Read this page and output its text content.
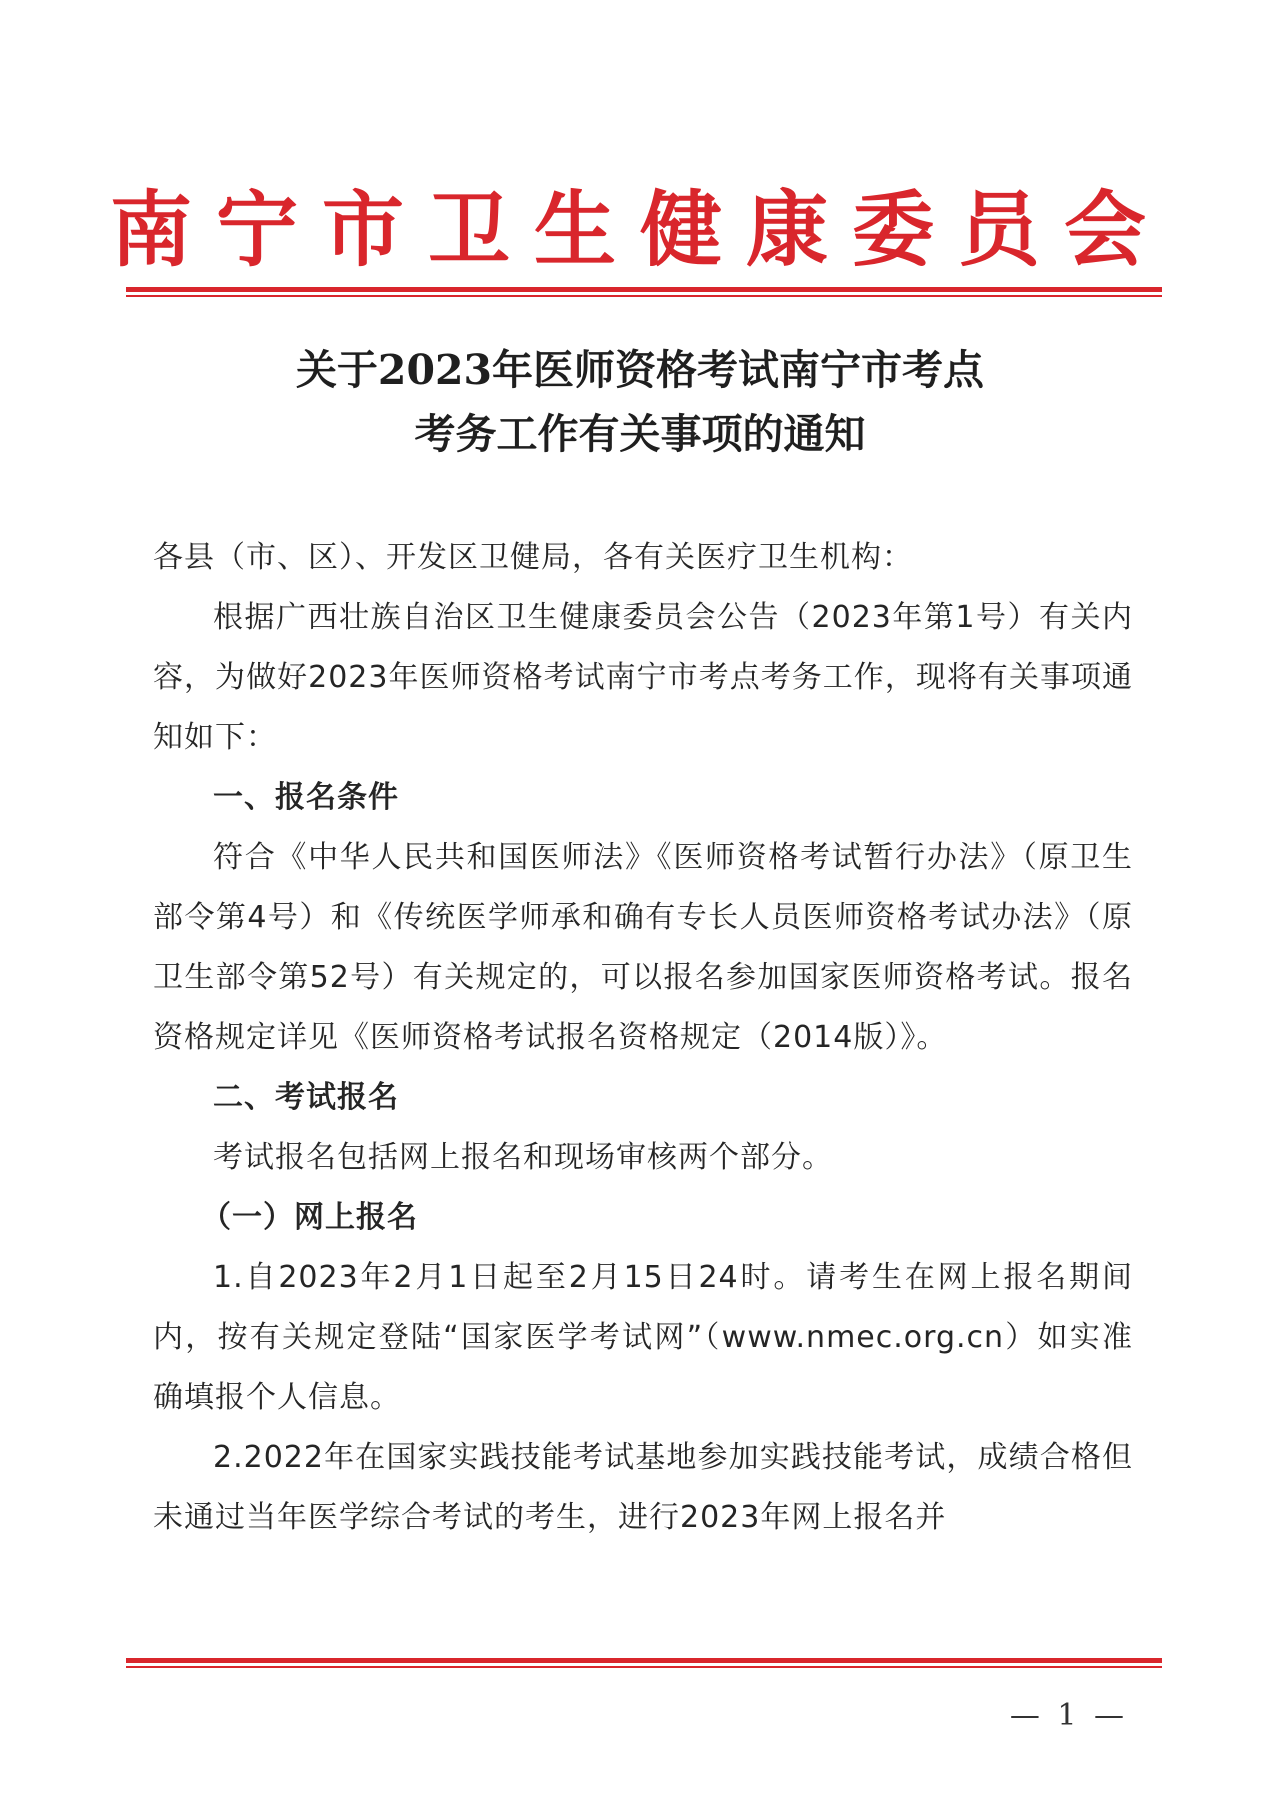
南宁市卫生健康委员会
关于2023年医师资格考试南宁市考点
考务工作有关事项的通知

各县（市、区）、开发区卫健局，各有关医疗卫生机构：

根据广西壮族自治区卫生健康委员会公告（2023年第1号）有关内容，为做好2023年医师资格考试南宁市考点考务工作，现将有关事项通知如下：

一、报名条件

符合《中华人民共和国医师法》《医师资格考试暂行办法》（原卫生部令第4号）和《传统医学师承和确有专长人员医师资格考试办法》（原卫生部令第52号）有关规定的，可以报名参加国家医师资格考试。报名资格规定详见《医师资格考试报名资格规定（2014版）》。

二、考试报名

考试报名包括网上报名和现场审核两个部分。

（一）网上报名

1.自2023年2月1日起至2月15日24时。请考生在网上报名期间内，按有关规定登陆“国家医学考试网”（www.nmec.org.cn）如实准确填报个人信息。

2.2022年在国家实践技能考试基地参加实践技能考试，成绩合格但未通过当年医学综合考试的考生，进行2023年网上报名并

— 1 —
